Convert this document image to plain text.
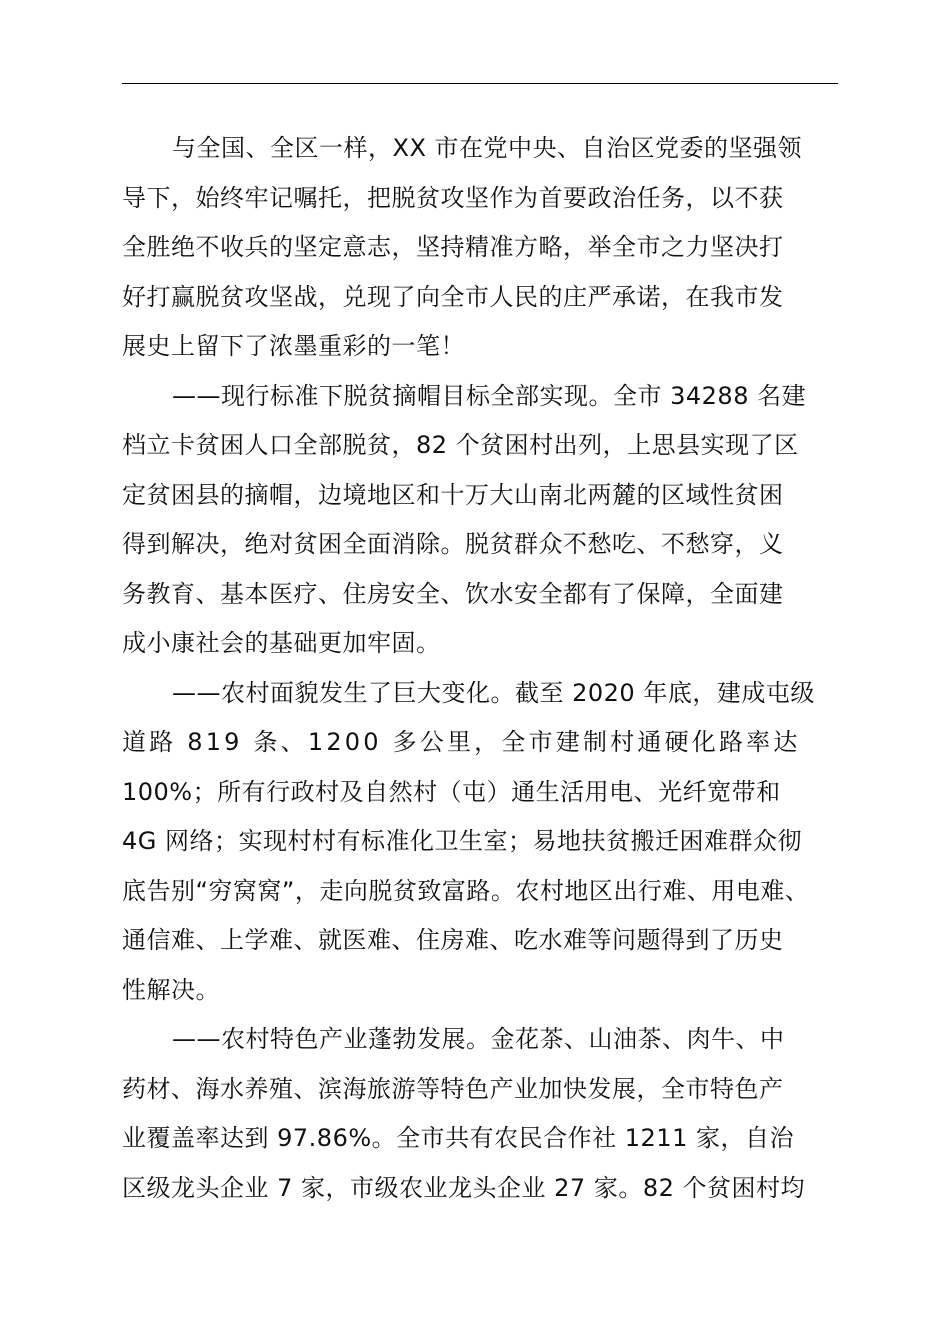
与全国、全区一样，XX 市在党中央、自治区党委的坚强领
导下，始终牢记嘱托，把脱贫攻坚作为首要政治任务，以不获
全胜绝不收兵的坚定意志，坚持精准方略，举全市之力坚决打
好打赢脱贫攻坚战，兑现了向全市人民的庄严承诺，在我市发
展史上留下了浓墨重彩的一笔！
——现行标准下脱贫摘帽目标全部实现。全市 34288 名建
档立卡贫困人口全部脱贫，82 个贫困村出列，上思县实现了区
定贫困县的摘帽，边境地区和十万大山南北两麓的区域性贫困
得到解决，绝对贫困全面消除。脱贫群众不愁吃、不愁穿，义
务教育、基本医疗、住房安全、饮水安全都有了保障，全面建
成小康社会的基础更加牢固。
——农村面貌发生了巨大变化。截至 2020 年底，建成屯级
道路 819 条、1200 多公里，全市建制村通硬化路率达
100%；所有行政村及自然村（屯）通生活用电、光纤宽带和
4G 网络；实现村村有标准化卫生室；易地扶贫搬迁困难群众彻
底告别“穷窝窝”，走向脱贫致富路。农村地区出行难、用电难、
通信难、上学难、就医难、住房难、吃水难等问题得到了历史
性解决。
——农村特色产业蓬勃发展。金花茶、山油茶、肉牛、中
药材、海水养殖、滨海旅游等特色产业加快发展，全市特色产
业覆盖率达到 97.86%。全市共有农民合作社 1211 家，自治
区级龙头企业 7 家，市级农业龙头企业 27 家。82 个贫困村均
